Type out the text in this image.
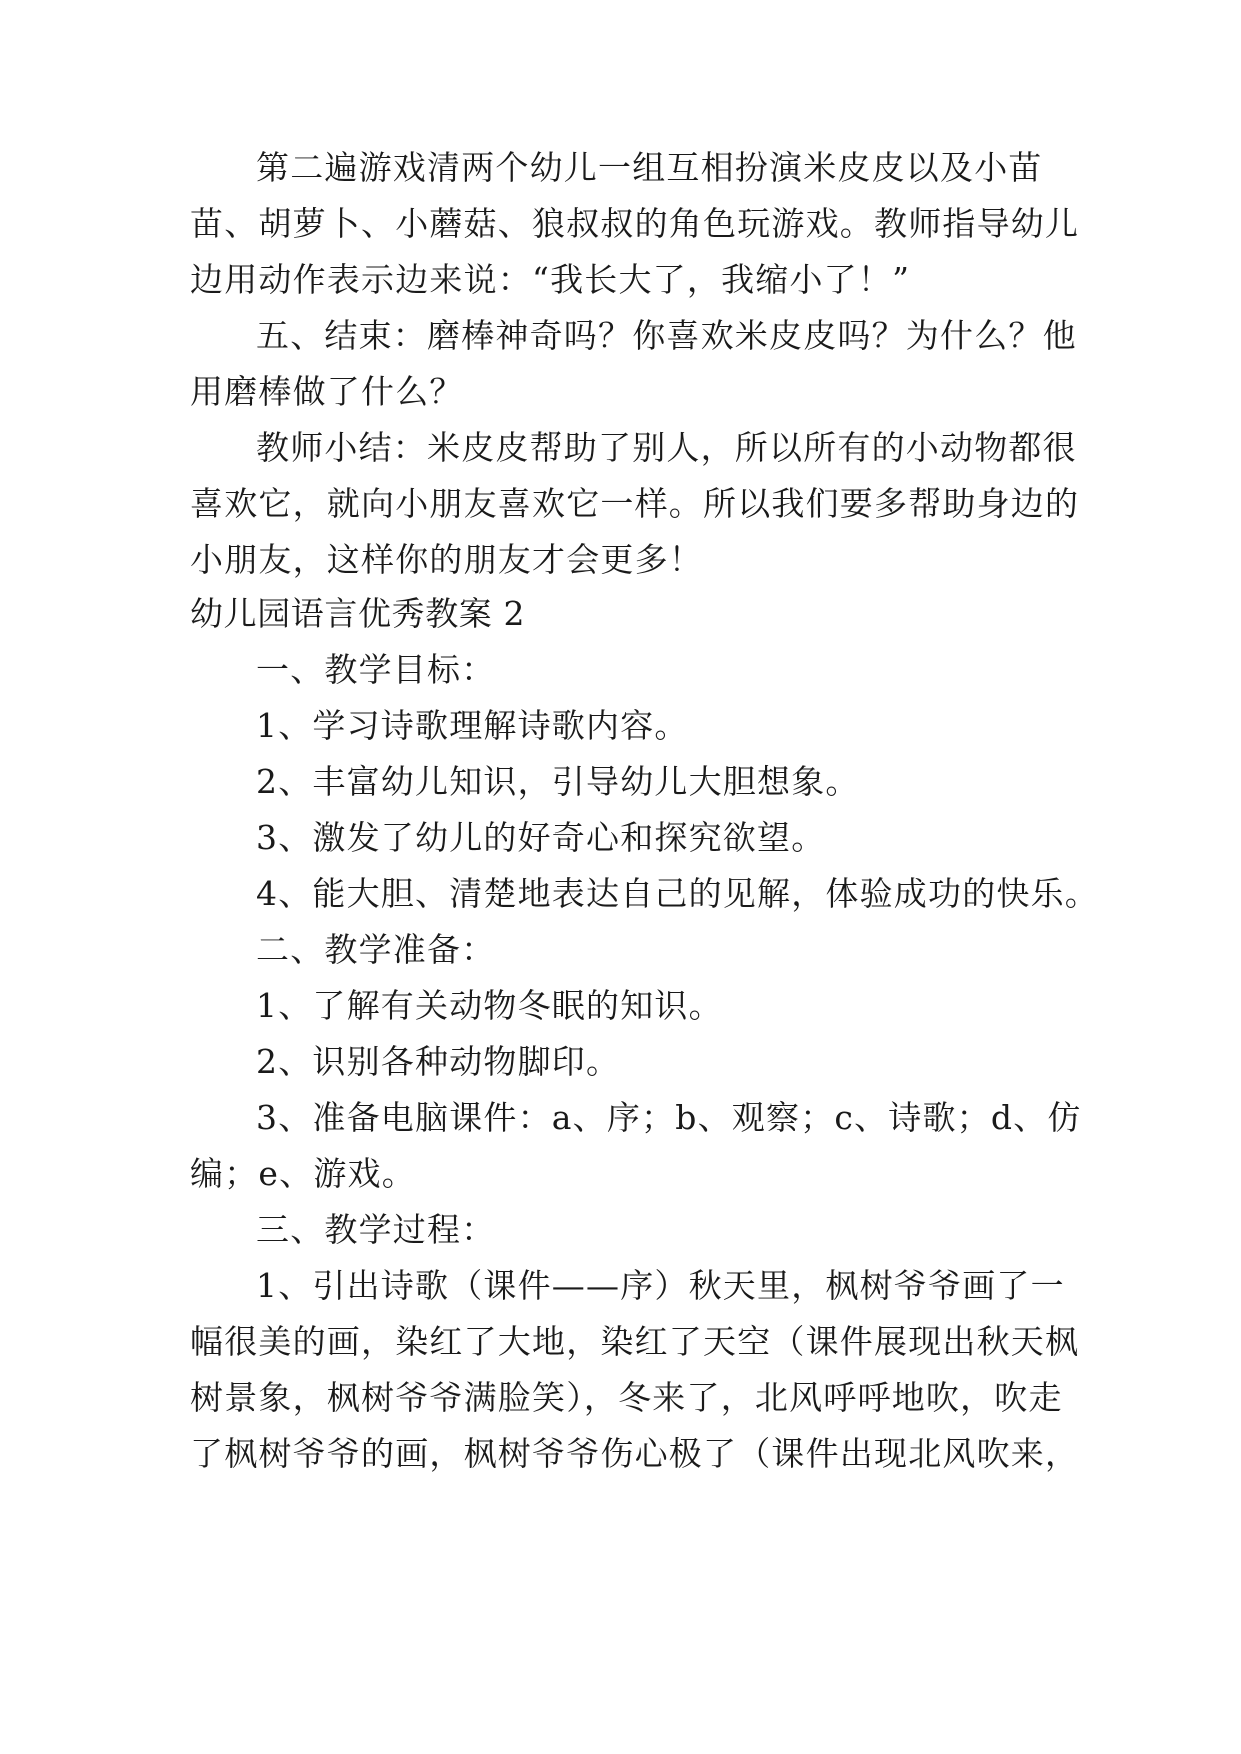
第二遍游戏清两个幼儿一组互相扮演米皮皮以及小苗
苗、胡萝卜、小蘑菇、狼叔叔的角色玩游戏。教师指导幼儿
边用动作表示边来说：“我长大了，我缩小了！”
五、结束：磨棒神奇吗？你喜欢米皮皮吗？为什么？他
用磨棒做了什么？
教师小结：米皮皮帮助了别人，所以所有的小动物都很
喜欢它，就向小朋友喜欢它一样。所以我们要多帮助身边的
小朋友，这样你的朋友才会更多！
幼儿园语言优秀教案 2
一、教学目标：
1、学习诗歌理解诗歌内容。
2、丰富幼儿知识，引导幼儿大胆想象。
3、激发了幼儿的好奇心和探究欲望。
4、能大胆、清楚地表达自己的见解，体验成功的快乐。
二、教学准备：
1、了解有关动物冬眠的知识。
2、识别各种动物脚印。
3、准备电脑课件：a、序；b、观察；c、诗歌；d、仿
编；e、游戏。
三、教学过程：
1、引出诗歌（课件——序）秋天里，枫树爷爷画了一
幅很美的画，染红了大地，染红了天空（课件展现出秋天枫
树景象，枫树爷爷满脸笑），冬来了，北风呼呼地吹，吹走
了枫树爷爷的画，枫树爷爷伤心极了（课件出现北风吹来，
